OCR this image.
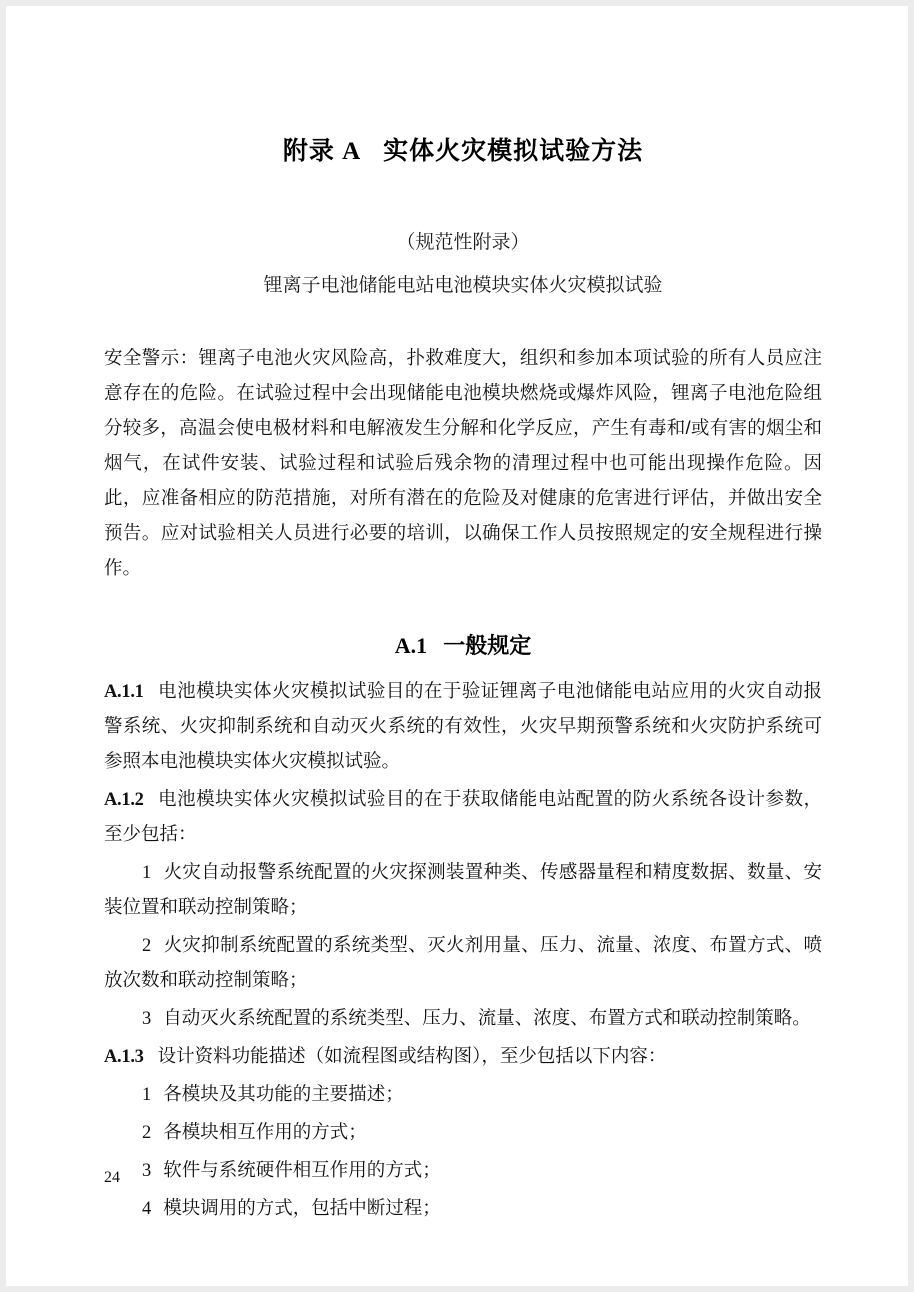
附录 A 实体火灾模拟试验方法

（规范性附录）

锂离子电池储能电站电池模块实体火灾模拟试验

安全警示：锂离子电池火灾风险高，扑救难度大，组织和参加本项试验的所有人员应注意存在的危险。在试验过程中会出现储能电池模块燃烧或爆炸风险，锂离子电池危险组分较多，高温会使电极材料和电解液发生分解和化学反应，产生有毒和/或有害的烟尘和烟气，在试件安装、试验过程和试验后残余物的清理过程中也可能出现操作危险。因此，应准备相应的防范措施，对所有潜在的危险及对健康的危害进行评估，并做出安全预告。应对试验相关人员进行必要的培训，以确保工作人员按照规定的安全规程进行操作。

A.1 一般规定

A.1.1 电池模块实体火灾模拟试验目的在于验证锂离子电池储能电站应用的火灾自动报警系统、火灾抑制系统和自动灭火系统的有效性，火灾早期预警系统和火灾防护系统可参照本电池模块实体火灾模拟试验。

A.1.2 电池模块实体火灾模拟试验目的在于获取储能电站配置的防火系统各设计参数，至少包括：

1 火灾自动报警系统配置的火灾探测装置种类、传感器量程和精度数据、数量、安装位置和联动控制策略；

2 火灾抑制系统配置的系统类型、灭火剂用量、压力、流量、浓度、布置方式、喷放次数和联动控制策略；

3 自动灭火系统配置的系统类型、压力、流量、浓度、布置方式和联动控制策略。

A.1.3 设计资料功能描述（如流程图或结构图），至少包括以下内容：

1 各模块及其功能的主要描述；

2 各模块相互作用的方式；

3 软件与系统硬件相互作用的方式；

4 模块调用的方式，包括中断过程；

24
